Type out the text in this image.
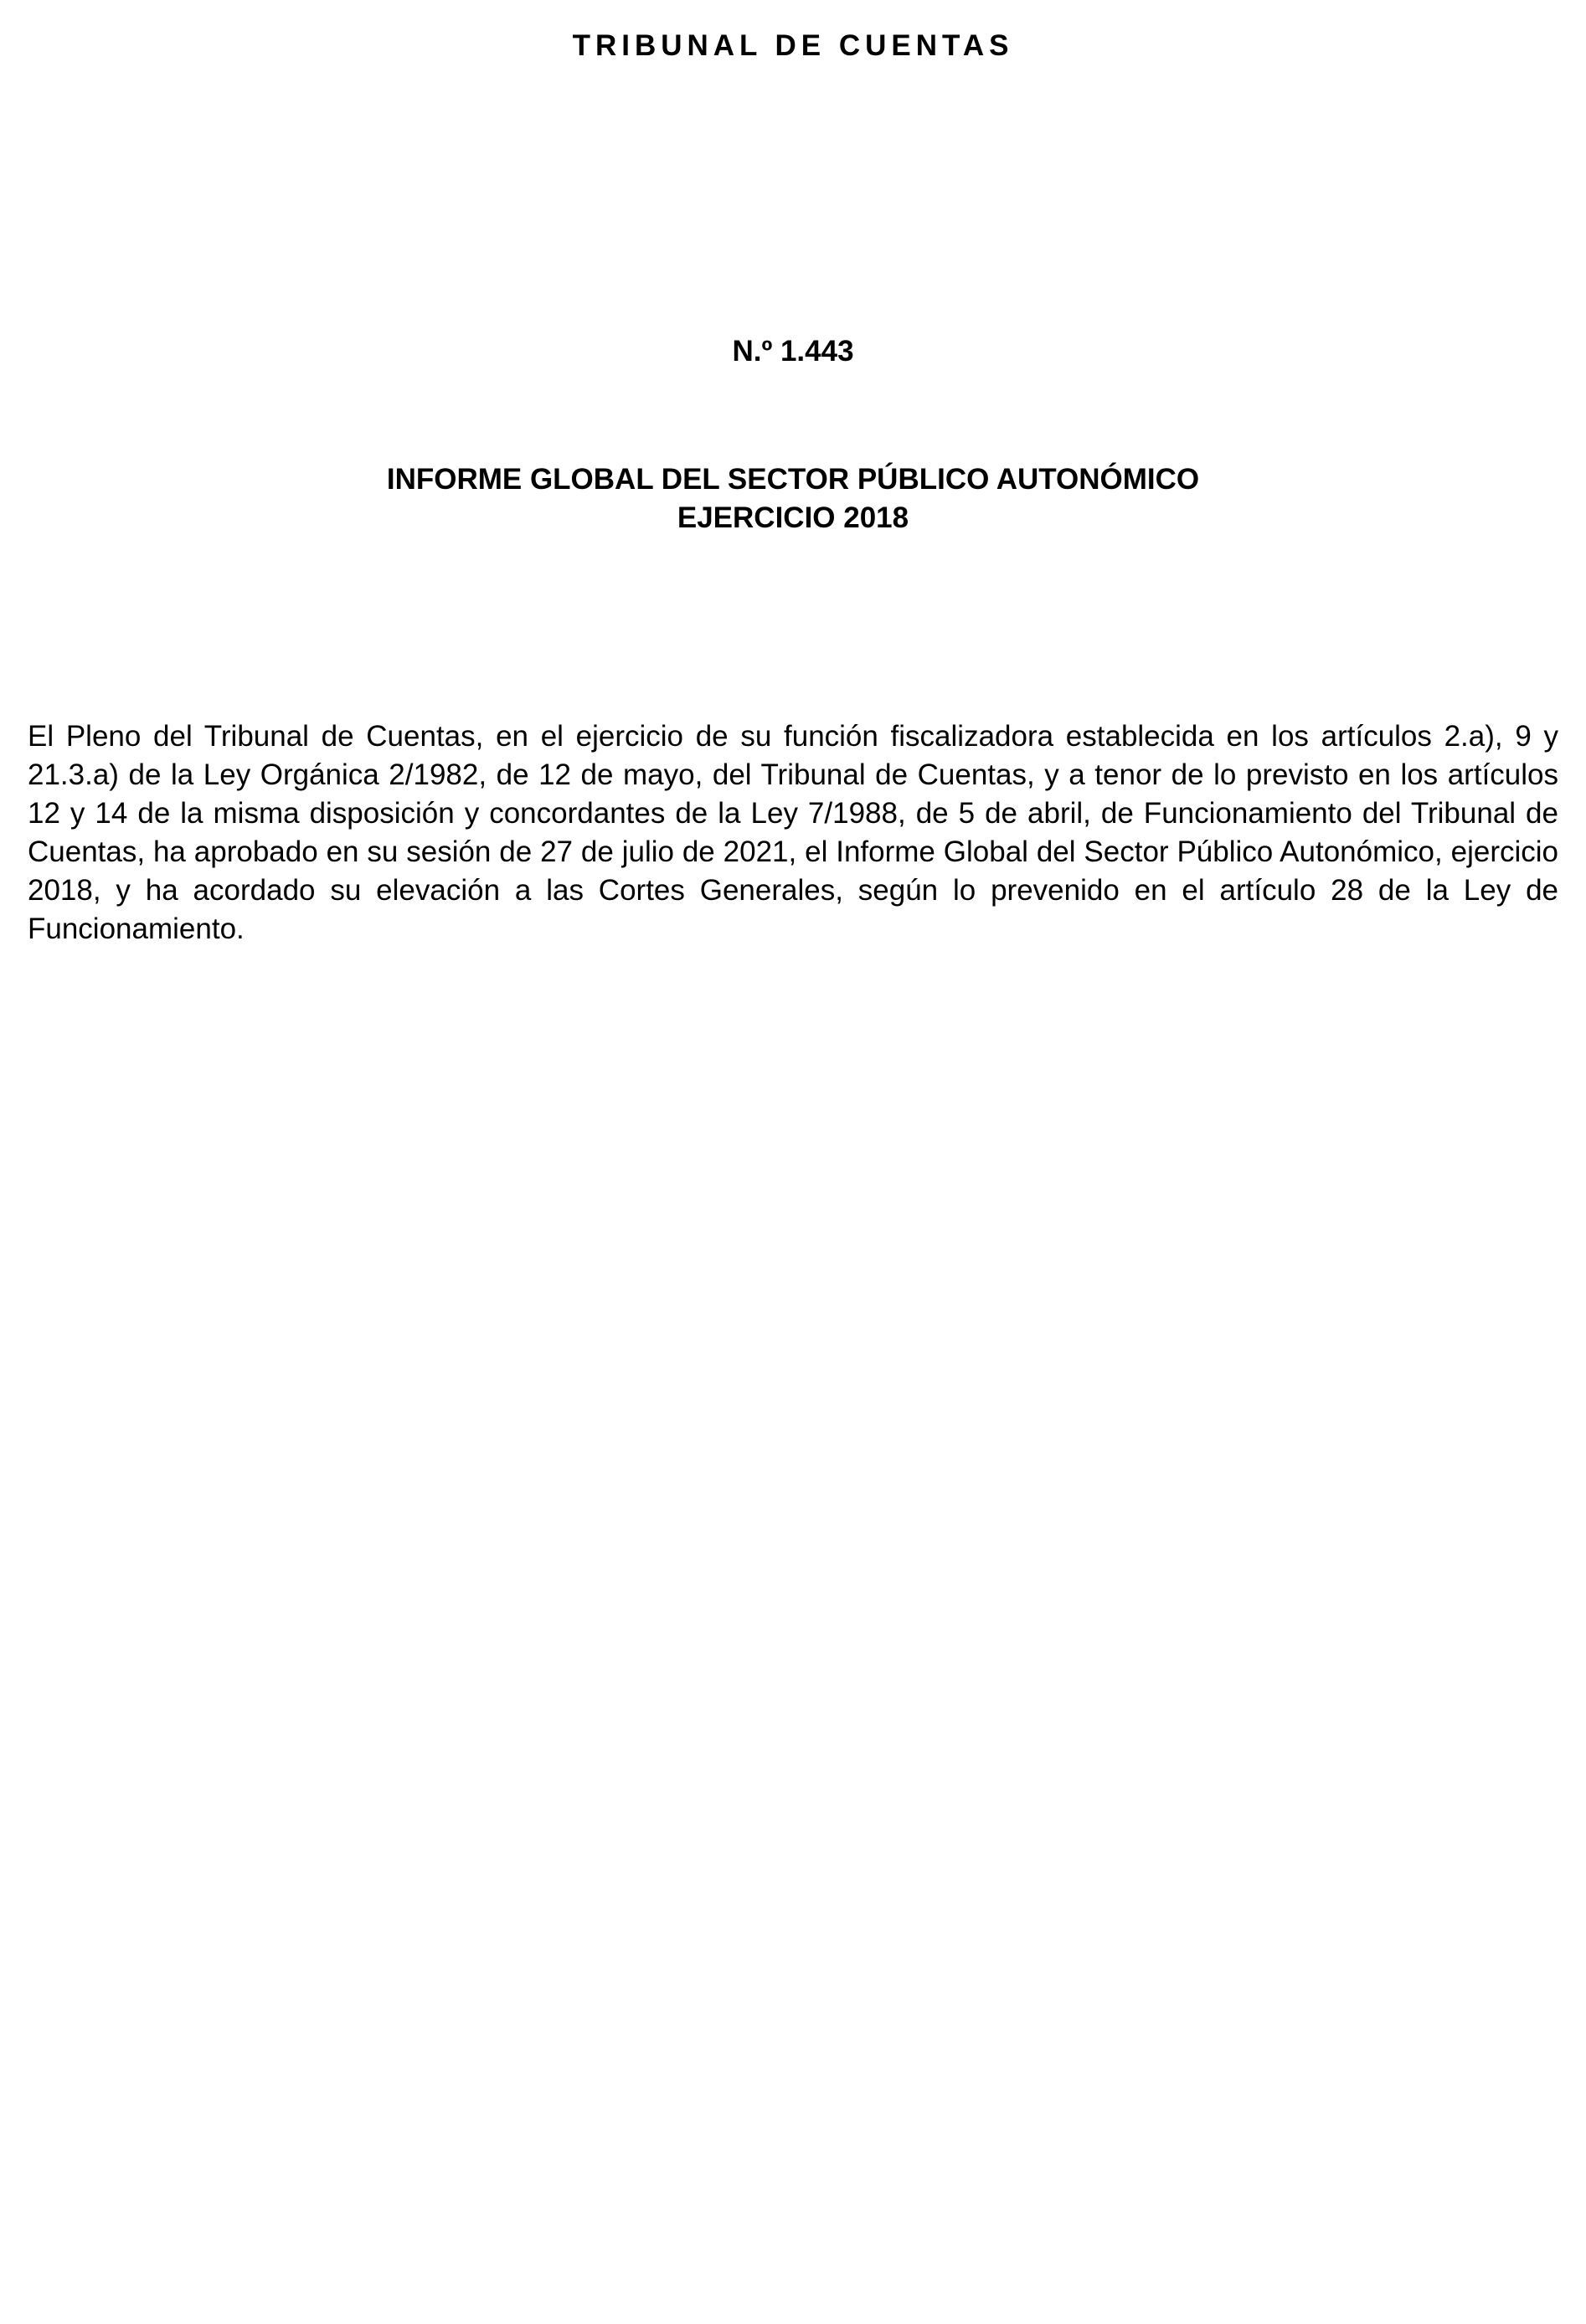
TRIBUNAL DE CUENTAS
N.º 1.443
INFORME GLOBAL DEL SECTOR PÚBLICO AUTONÓMICO
EJERCICIO 2018

El Pleno del Tribunal de Cuentas, en el ejercicio de su función fiscalizadora establecida en los artículos 2.a), 9 y 21.3.a) de la Ley Orgánica 2/1982, de 12 de mayo, del Tribunal de Cuentas, y a tenor de lo previsto en los artículos 12 y 14 de la misma disposición y concordantes de la Ley 7/1988, de 5 de abril, de Funcionamiento del Tribunal de Cuentas, ha aprobado en su sesión de 27 de julio de 2021, el Informe Global del Sector Público Autonómico, ejercicio 2018, y ha acordado su elevación a las Cortes Generales, según lo prevenido en el artículo 28 de la Ley de Funcionamiento.
